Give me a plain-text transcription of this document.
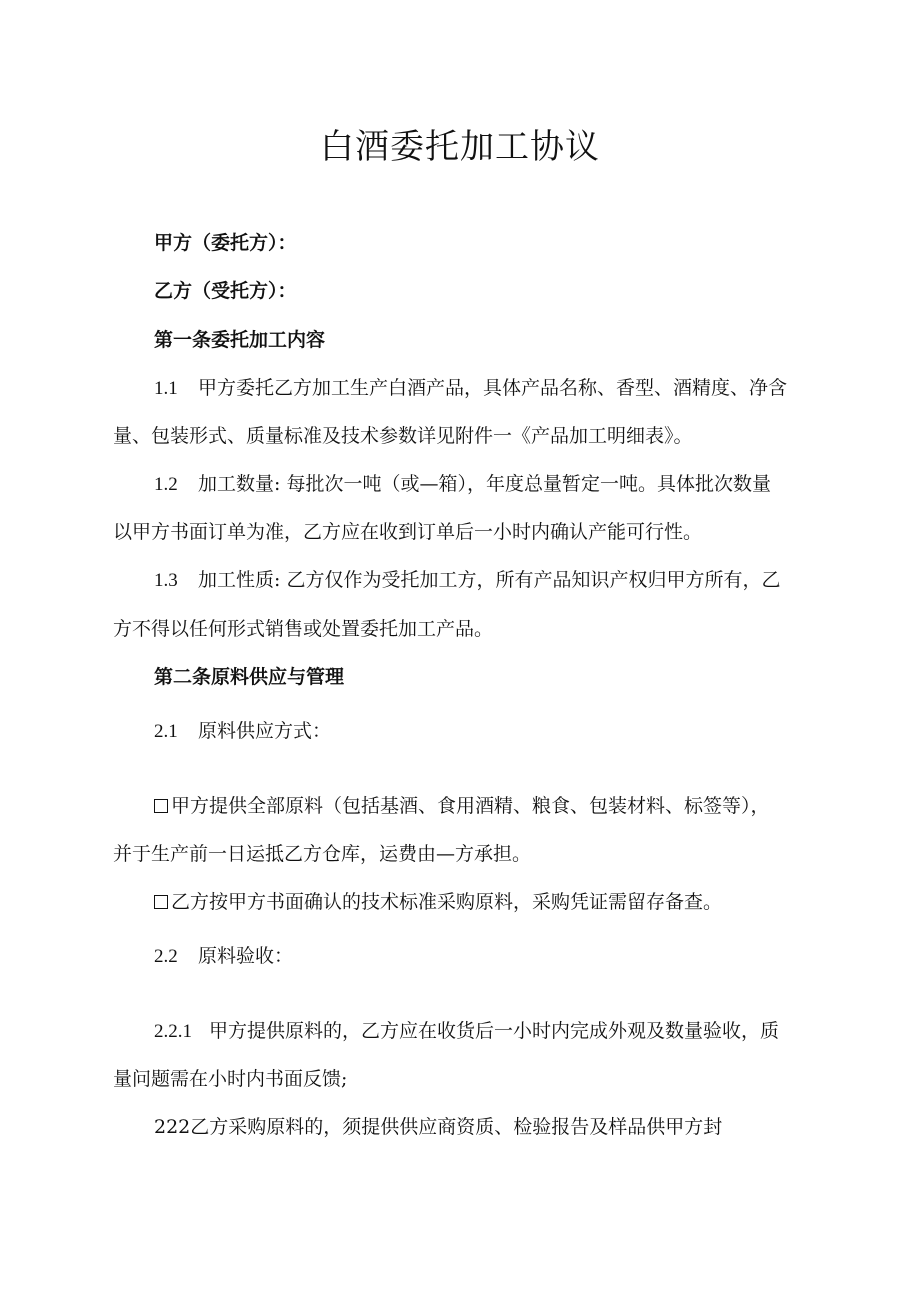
白酒委托加工协议
甲方（委托方）：
乙方（受托方）：
第一条委托加工内容
1.1 甲方委托乙方加工生产白酒产品，具体产品名称、香型、酒精度、净含
量、包装形式、质量标准及技术参数详见附件一《产品加工明细表》。
1.2 加工数量: 每批次一吨（或—箱），年度总量暂定一吨。具体批次数量
以甲方书面订单为准，乙方应在收到订单后一小时内确认产能可行性。
1.3 加工性质: 乙方仅作为受托加工方，所有产品知识产权归甲方所有，乙
方不得以任何形式销售或处置委托加工产品。
第二条原料供应与管理
2.1 原料供应方式：
甲方提供全部原料（包括基酒、食用酒精、粮食、包装材料、标签等），
并于生产前一日运抵乙方仓库，运费由—方承担。
乙方按甲方书面确认的技术标准采购原料，采购凭证需留存备查。
2.2 原料验收：
2.2.1 甲方提供原料的，乙方应在收货后一小时内完成外观及数量验收，质
量问题需在小时内书面反馈;
222乙方采购原料的，须提供供应商资质、检验报告及样品供甲方封
